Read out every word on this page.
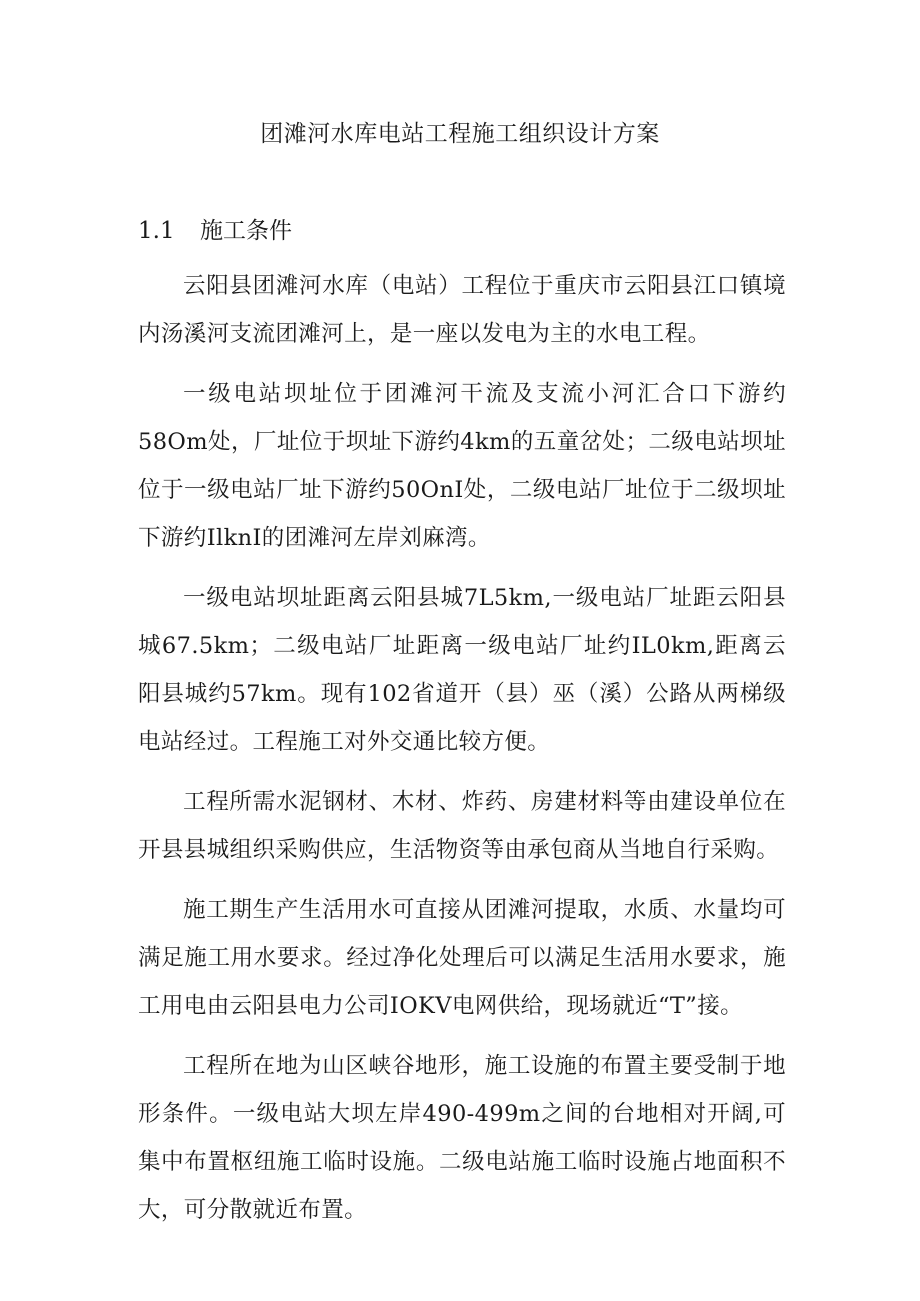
团滩河水库电站工程施工组织设计方案
1.1 施工条件

云阳县团滩河水库（电站）工程位于重庆市云阳县江口镇境内汤溪河支流团滩河上，是一座以发电为主的水电工程。

一级电站坝址位于团滩河干流及支流小河汇合口下游约58Om处，厂址位于坝址下游约4km的五童岔处；二级电站坝址位于一级电站厂址下游约50OnI处，二级电站厂址位于二级坝址下游约IlknI的团滩河左岸刘麻湾。

一级电站坝址距离云阳县城7L5km,一级电站厂址距云阳县城67.5km；二级电站厂址距离一级电站厂址约IL0km,距离云阳县城约57km。现有102省道开（县）巫（溪）公路从两梯级电站经过。工程施工对外交通比较方便。

工程所需水泥钢材、木材、炸药、房建材料等由建设单位在开县县城组织采购供应，生活物资等由承包商从当地自行采购。

施工期生产生活用水可直接从团滩河提取，水质、水量均可满足施工用水要求。经过净化处理后可以满足生活用水要求，施工用电由云阳县电力公司IOKV电网供给，现场就近“T”接。

工程所在地为山区峡谷地形，施工设施的布置主要受制于地形条件。一级电站大坝左岸490-499m之间的台地相对开阔,可集中布置枢纽施工临时设施。二级电站施工临时设施占地面积不大，可分散就近布置。
